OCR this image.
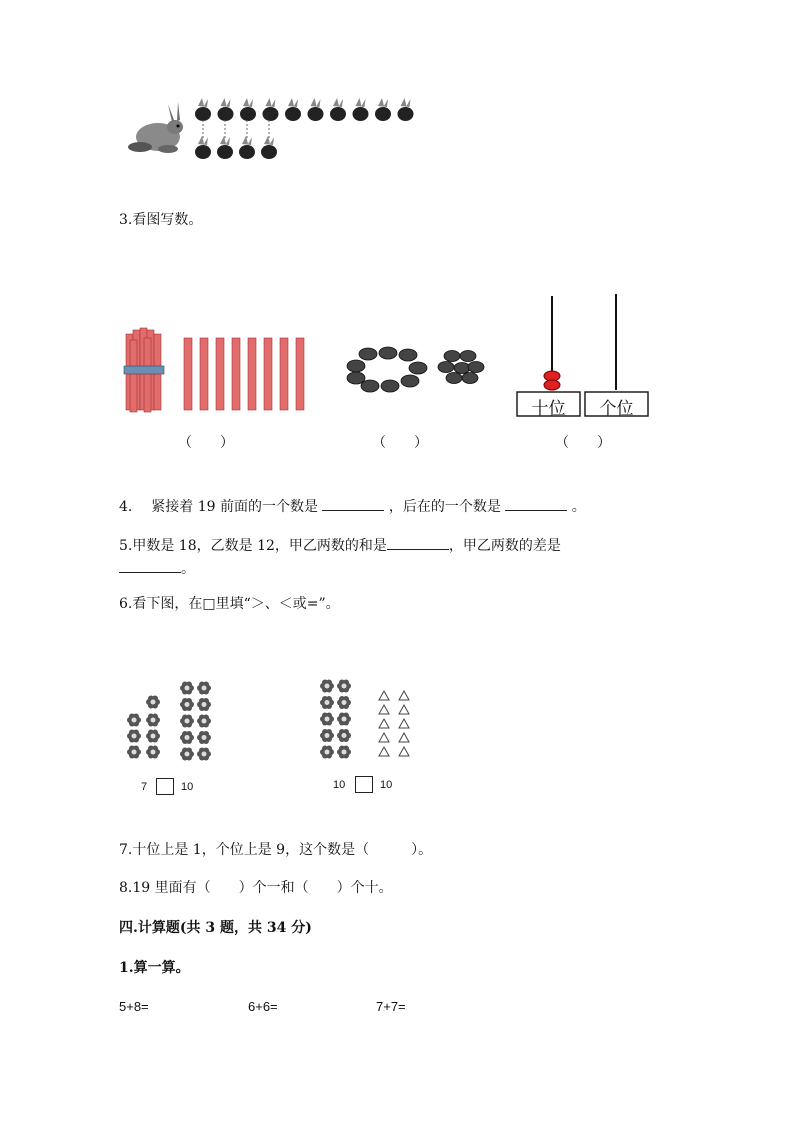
3.看图写数。
十位	个位
（　　）	（　　）	（　　）
4. 紧接着 19 前面的一个数是	，后在的一个数是	。
5.甲数是 18，乙数是 12，甲乙两数的和是	，甲乙两数的差是
。
6.看下图，在□里填“＞、＜或=”。
7	10	10	10
7.十位上是 1，个位上是 9，这个数是（　　　）。
8.19 里面有（　　）个一和（　　）个十。
四.计算题(共 3 题，共 34 分)
1.算一算。
5+8=	6+6=	7+7=
